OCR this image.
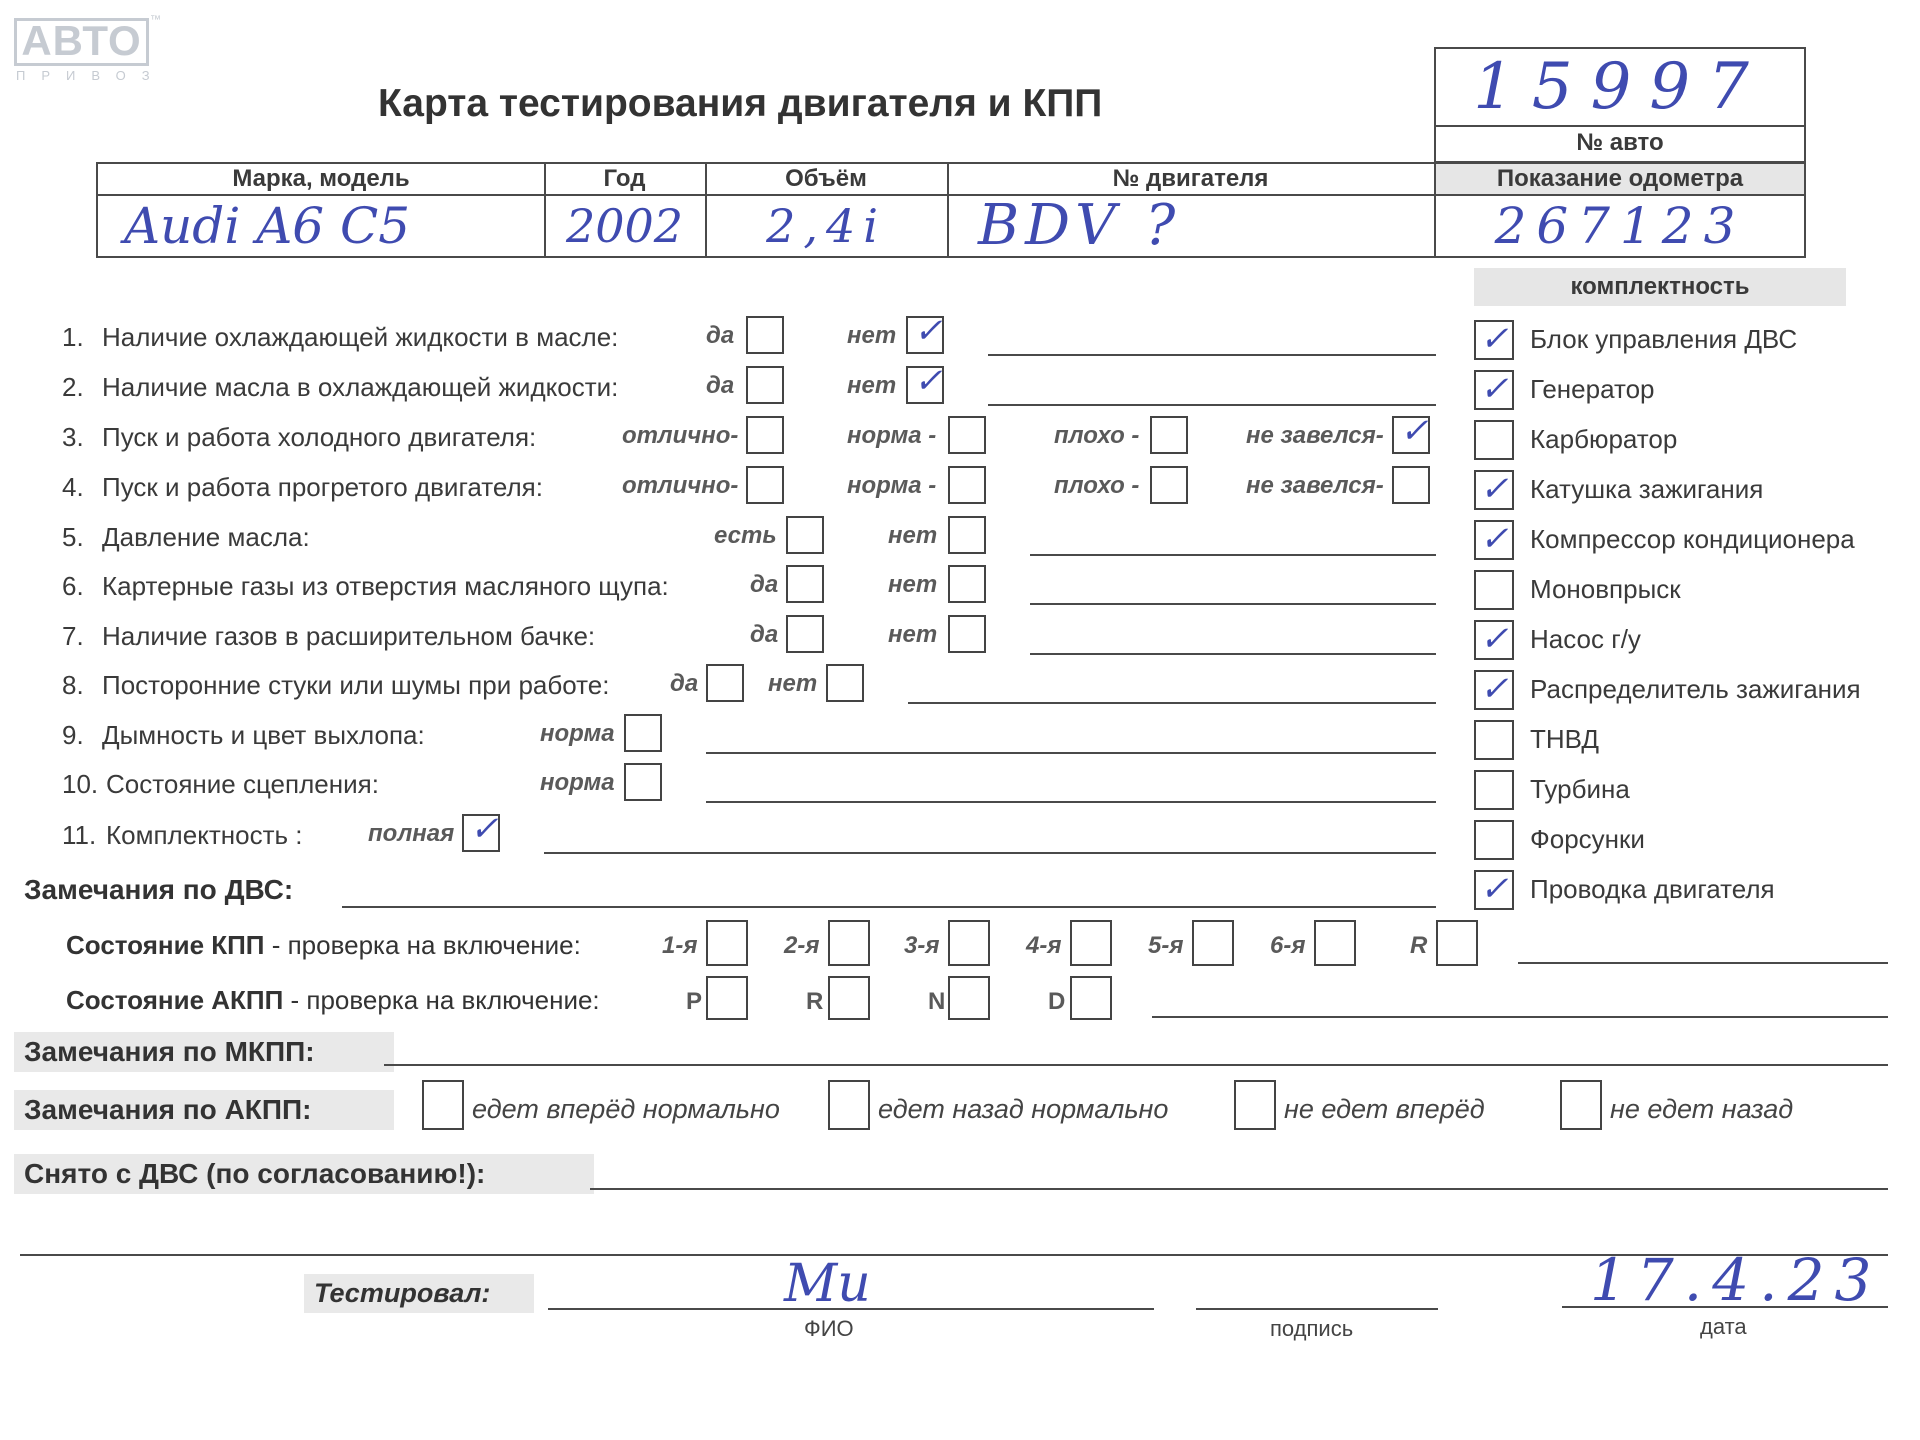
АВТО ™
ПРИВОЗ
Карта тестирования двигателя и КПП	15997
№ авто
Марка, модель	Год	Объём	№ двигателя	Показание одометра
Audi A6 C5	2002	2,4i	BDV ?	267123
комплектность
1. Наличие охлаждающей жидкости в масле:	да	нет ✓
2. Наличие масла в охлаждающей жидкости:	да	нет ✓
3. Пуск и работа холодного двигателя:	отлично-	норма -	плохо -	не завелся- ✓
4. Пуск и работа прогретого двигателя:	отлично-	норма -	плохо -	не завелся-
5. Давление масла:	есть	нет
6. Картерные газы из отверстия масляного щупа:	да	нет
7. Наличие газов в расширительном бачке:	да	нет
8. Посторонние стуки или шумы при работе:	да	нет
9. Дымность и цвет выхлопа:	норма
10. Состояние сцепления:	норма
11. Комплектность :	полная ✓
✓ Блок управления ДВС
✓ Генератор
Карбюратор
✓ Катушка зажигания
✓ Компрессор кондиционера
Моновпрыск
✓ Насос г/у
✓ Распределитель зажигания
ТНВД
Турбина
Форсунки
✓ Проводка двигателя
Замечания по ДВС:
Состояние КПП - проверка на включение:	1-я	2-я	3-я	4-я	5-я	6-я	R
Состояние АКПП - проверка на включение:	P	R	N	D
Замечания по МКПП:
Замечания по АКПП:	едет вперёд нормально	едет назад нормально	не едет вперёд	не едет назад
Снято с ДВС (по согласованию!):
Тестировал:	Ми	17.4.23
ФИО	подпись	дата
